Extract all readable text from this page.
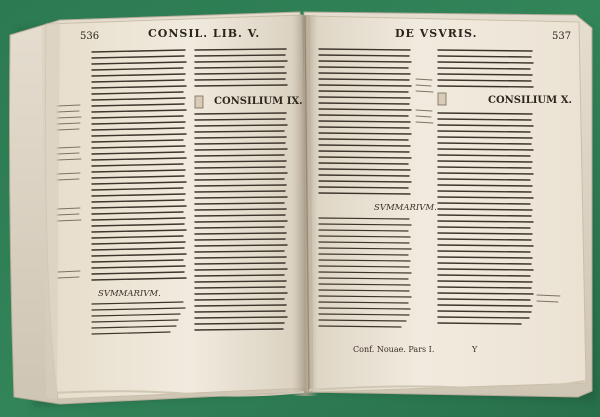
536	CONSIL. LIB. V.	DE VSVRIS.	537
CONSILIUM IX.
SVMMARIVM.
CONSILIUM X.
SVMMARIVM.
Conf. Nouae. Pars I.	Y
